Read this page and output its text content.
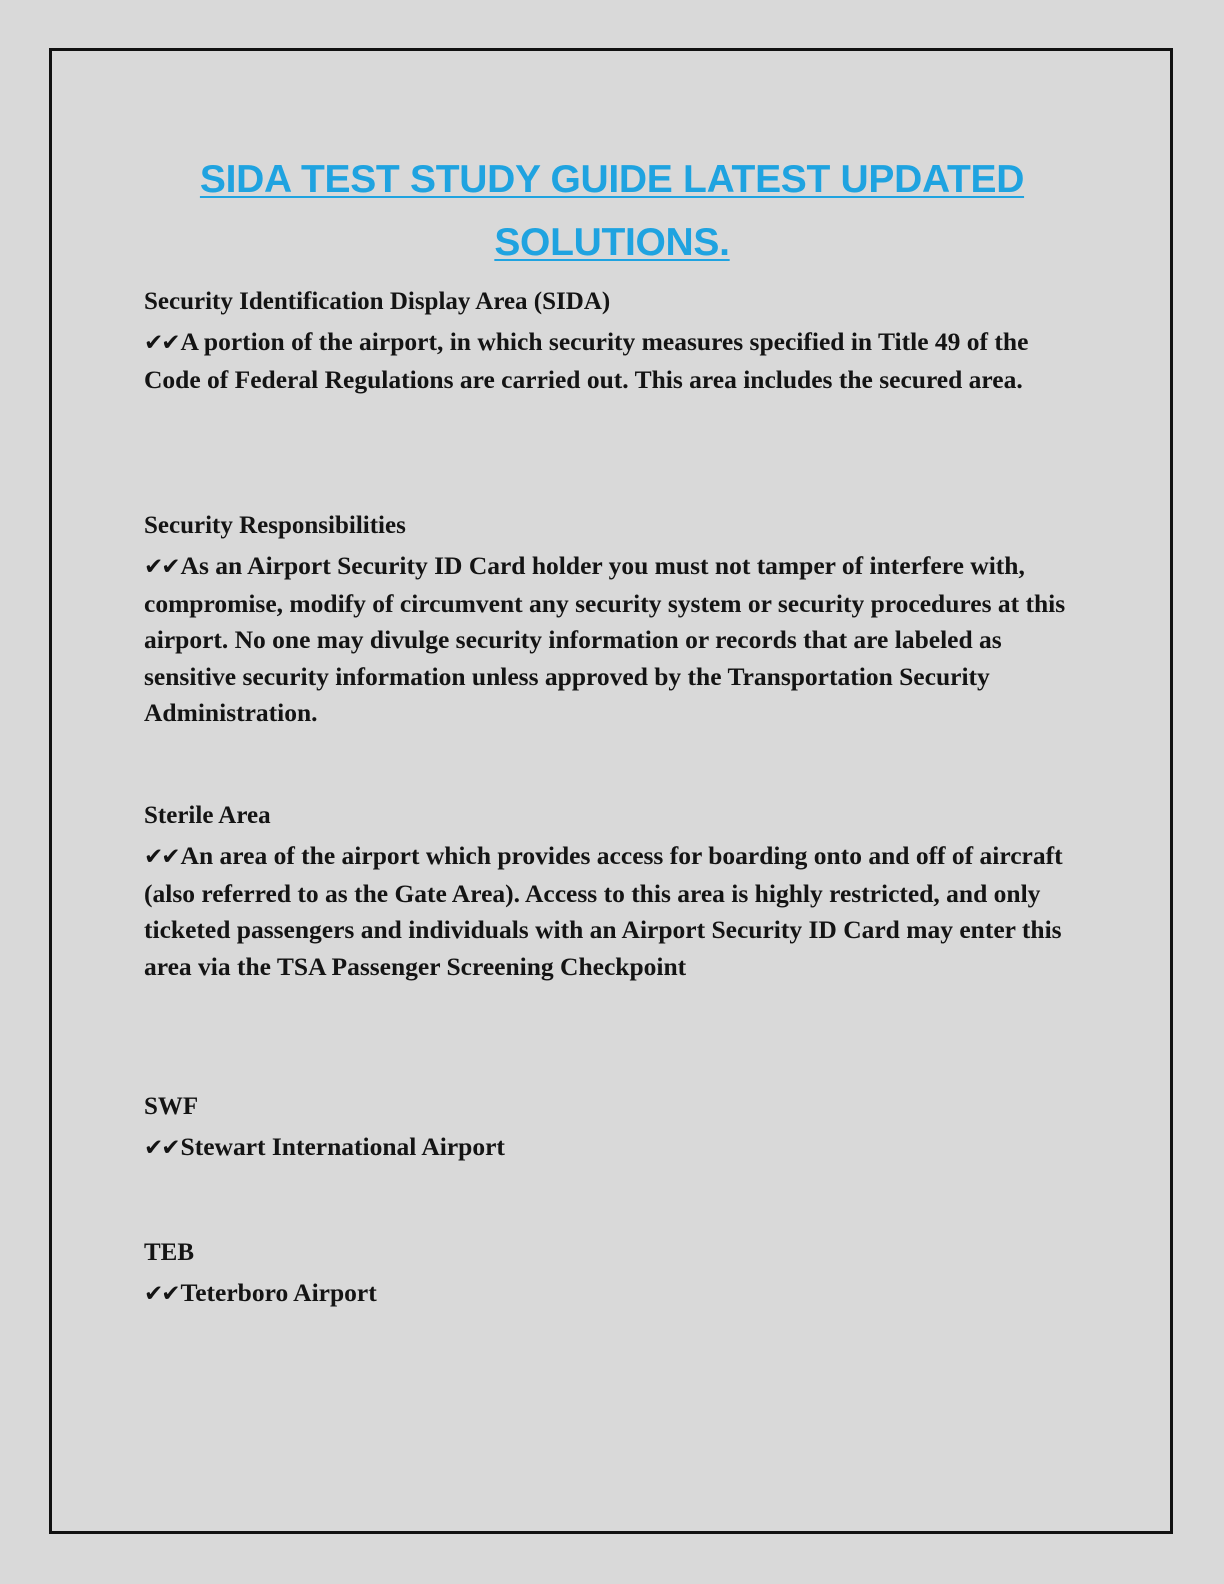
SIDA TEST STUDY GUIDE LATEST UPDATED
SOLUTIONS.

Security Identification Display Area (SIDA)

✔✔A portion of the airport, in which security measures specified in Title 49 of the Code of Federal Regulations are carried out. This area includes the secured area.

Security Responsibilities

✔✔As an Airport Security ID Card holder you must not tamper of interfere with, compromise, modify of circumvent any security system or security procedures at this airport. No one may divulge security information or records that are labeled as sensitive security information unless approved by the Transportation Security Administration.

Sterile Area

✔✔An area of the airport which provides access for boarding onto and off of aircraft (also referred to as the Gate Area). Access to this area is highly restricted, and only ticketed passengers and individuals with an Airport Security ID Card may enter this area via the TSA Passenger Screening Checkpoint

SWF

✔✔Stewart International Airport

TEB

✔✔Teterboro Airport
